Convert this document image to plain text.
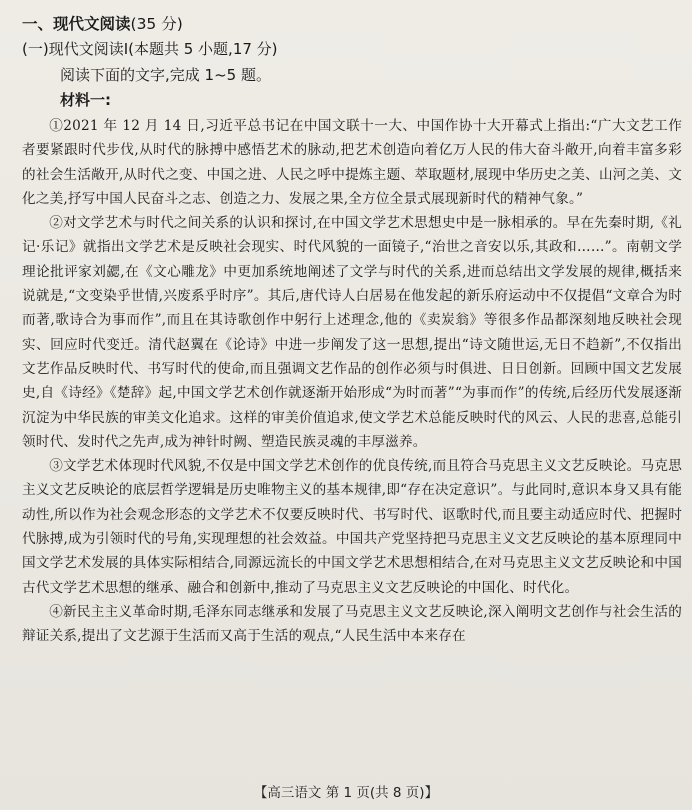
一、现代文阅读(35 分)
(一)现代文阅读Ⅰ(本题共 5 小题,17 分)
阅读下面的文字,完成 1~5 题。
材料一:

①2021 年 12 月 14 日,习近平总书记在中国文联十一大、中国作协十大开幕式上指出:“广大文艺工作者要紧跟时代步伐,从时代的脉搏中感悟艺术的脉动,把艺术创造向着亿万人民的伟大奋斗敞开,向着丰富多彩的社会生活敞开,从时代之变、中国之进、人民之呼中提炼主题、萃取题材,展现中华历史之美、山河之美、文化之美,抒写中国人民奋斗之志、创造之力、发展之果,全方位全景式展现新时代的精神气象。”

②对文学艺术与时代之间关系的认识和探讨,在中国文学艺术思想史中是一脉相承的。早在先秦时期,《礼记·乐记》就指出文学艺术是反映社会现实、时代风貌的一面镜子,“治世之音安以乐,其政和……”。南朝文学理论批评家刘勰,在《文心雕龙》中更加系统地阐述了文学与时代的关系,进而总结出文学发展的规律,概括来说就是,“文变染乎世情,兴废系乎时序”。其后,唐代诗人白居易在他发起的新乐府运动中不仅提倡“文章合为时而著,歌诗合为事而作”,而且在其诗歌创作中躬行上述理念,他的《卖炭翁》等很多作品都深刻地反映社会现实、回应时代变迁。清代赵翼在《论诗》中进一步阐发了这一思想,提出“诗文随世运,无日不趋新”,不仅指出文艺作品反映时代、书写时代的使命,而且强调文艺作品的创作必须与时俱进、日日创新。回顾中国文艺发展史,自《诗经》《楚辞》起,中国文学艺术创作就逐渐开始形成“为时而著”“为事而作”的传统,后经历代发展逐渐沉淀为中华民族的审美文化追求。这样的审美价值追求,使文学艺术总能反映时代的风云、人民的悲喜,总能引领时代、发时代之先声,成为神针时阙、塑造民族灵魂的丰厚滋养。

③文学艺术体现时代风貌,不仅是中国文学艺术创作的优良传统,而且符合马克思主义文艺反映论。马克思主义文艺反映论的底层哲学逻辑是历史唯物主义的基本规律,即“存在决定意识”。与此同时,意识本身又具有能动性,所以作为社会观念形态的文学艺术不仅要反映时代、书写时代、讴歌时代,而且要主动适应时代、把握时代脉搏,成为引领时代的号角,实现理想的社会效益。中国共产党坚持把马克思主义文艺反映论的基本原理同中国文学艺术发展的具体实际相结合,同源远流长的中国文学艺术思想相结合,在对马克思主义文艺反映论和中国古代文学艺术思想的继承、融合和创新中,推动了马克思主义文艺反映论的中国化、时代化。

④新民主主义革命时期,毛泽东同志继承和发展了马克思主义文艺反映论,深入阐明文艺创作与社会生活的辩证关系,提出了文艺源于生活而又高于生活的观点,“人民生活中本来存在

【高三语文 第 1 页(共 8 页)】
